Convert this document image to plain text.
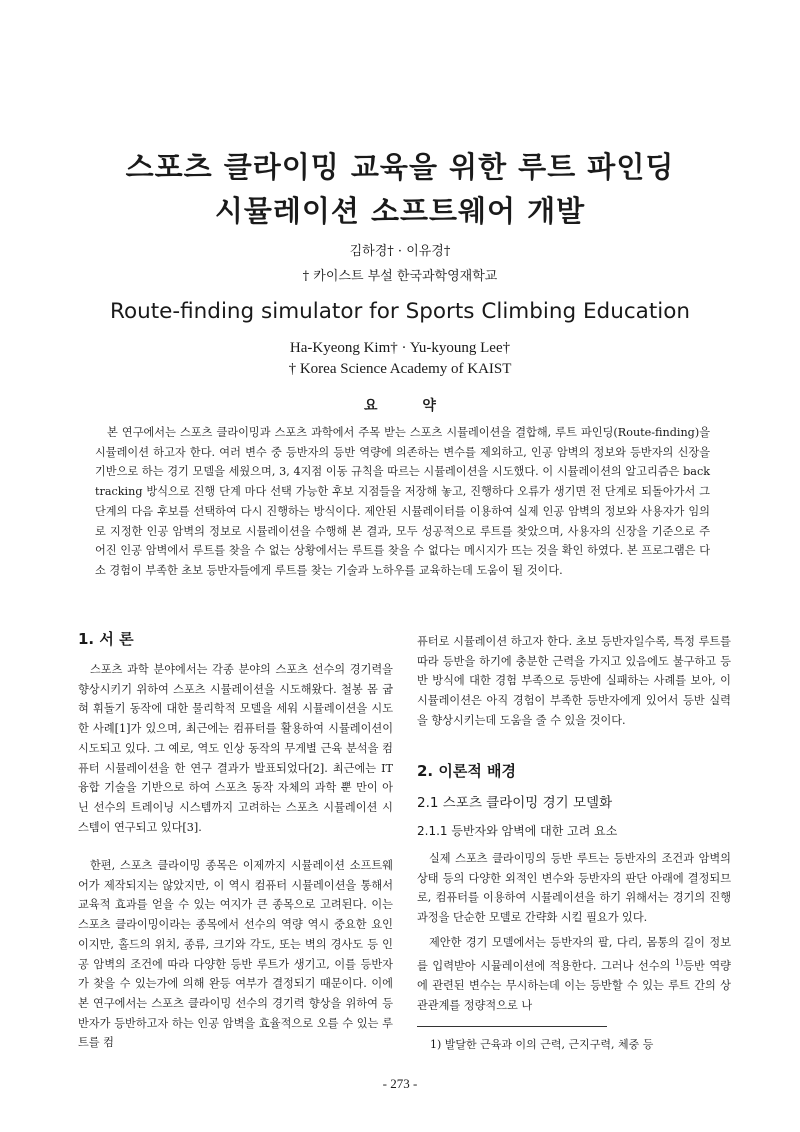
스포츠 클라이밍 교육을 위한 루트 파인딩
시뮬레이션 소프트웨어 개발
김하경† · 이유경†
† 카이스트 부설 한국과학영재학교
Route-finding simulator for Sports Climbing Education
Ha-Kyeong Kim† · Yu-kyoung Lee†
† Korea Science Academy of KAIST
요 약

본 연구에서는 스포츠 클라이밍과 스포츠 과학에서 주목 받는 스포츠 시뮬레이션을 결합해, 루트 파인딩(Route-finding)을 시뮬레이션 하고자 한다. 여러 변수 중 등반자의 등반 역량에 의존하는 변수를 제외하고, 인공 암벽의 정보와 등반자의 신장을 기반으로 하는 경기 모델을 세웠으며, 3, 4지점 이동 규칙을 따르는 시뮬레이션을 시도했다. 이 시뮬레이션의 알고리즘은 back tracking 방식으로 진행 단계 마다 선택 가능한 후보 지점들을 저장해 놓고, 진행하다 오류가 생기면 전 단계로 되돌아가서 그 단계의 다음 후보를 선택하여 다시 진행하는 방식이다. 제안된 시뮬레이터를 이용하여 실제 인공 암벽의 정보와 사용자가 임의로 지정한 인공 암벽의 정보로 시뮬레이션을 수행해 본 결과, 모두 성공적으로 루트를 찾았으며, 사용자의 신장을 기준으로 주어진 인공 암벽에서 루트를 찾을 수 없는 상황에서는 루트를 찾을 수 없다는 메시지가 뜨는 것을 확인 하였다. 본 프로그램은 다소 경험이 부족한 초보 등반자들에게 루트를 찾는 기술과 노하우를 교육하는데 도움이 될 것이다.

1. 서 론

스포츠 과학 분야에서는 각종 분야의 스포츠 선수의 경기력을 향상시키기 위하여 스포츠 시뮬레이션을 시도해왔다. 철봉 몸 굽혀 휘돌기 동작에 대한 물리학적 모델을 세워 시뮬레이션을 시도 한 사례[1]가 있으며, 최근에는 컴퓨터를 활용하여 시뮬레이션이 시도되고 있다. 그 예로, 역도 인상 동작의 무게별 근육 분석을 컴퓨터 시뮬레이션을 한 연구 결과가 발표되었다[2]. 최근에는 IT 융합 기술을 기반으로 하여 스포츠 동작 자체의 과학 뿐 만이 아닌 선수의 트레이닝 시스템까지 고려하는 스포츠 시뮬레이션 시스템이 연구되고 있다[3].

한편, 스포츠 클라이밍 종목은 이제까지 시뮬레이션 소프트웨어가 제작되지는 않았지만, 이 역시 컴퓨터 시뮬레이션을 통해서 교육적 효과를 얻을 수 있는 여지가 큰 종목으로 고려된다. 이는 스포츠 클라이밍이라는 종목에서 선수의 역량 역시 중요한 요인이지만, 홀드의 위치, 종류, 크기와 각도, 또는 벽의 경사도 등 인공 암벽의 조건에 따라 다양한 등반 루트가 생기고, 이를 등반자가 찾을 수 있는가에 의해 완등 여부가 결정되기 때문이다. 이에 본 연구에서는 스포츠 클라이밍 선수의 경기력 향상을 위하여 등반자가 등반하고자 하는 인공 암벽을 효율적으로 오를 수 있는 루트를 컴

퓨터로 시뮬레이션 하고자 한다. 초보 등반자일수록, 특정 루트를 따라 등반을 하기에 충분한 근력을 가지고 있음에도 불구하고 등반 방식에 대한 경험 부족으로 등반에 실패하는 사례를 보아, 이 시뮬레이션은 아직 경험이 부족한 등반자에게 있어서 등반 실력을 향상시키는데 도움을 줄 수 있을 것이다.

2. 이론적 배경
2.1 스포츠 클라이밍 경기 모델화
2.1.1 등반자와 암벽에 대한 고려 요소

실제 스포츠 클라이밍의 등반 루트는 등반자의 조건과 암벽의 상태 등의 다양한 외적인 변수와 등반자의 판단 아래에 결정되므로, 컴퓨터를 이용하여 시뮬레이션을 하기 위해서는 경기의 진행 과정을 단순한 모델로 간략화 시킬 필요가 있다.

제안한 경기 모델에서는 등반자의 팔, 다리, 몸통의 길이 정보를 입력받아 시뮬레이션에 적용한다. 그러나 선수의 $^{1)}$등반 역량에 관련된 변수는 무시하는데 이는 등반할 수 있는 루트 간의 상관관계를 정량적으로 나

1) 발달한 근육과 이의 근력, 근지구력, 체중 등
- 273 -
